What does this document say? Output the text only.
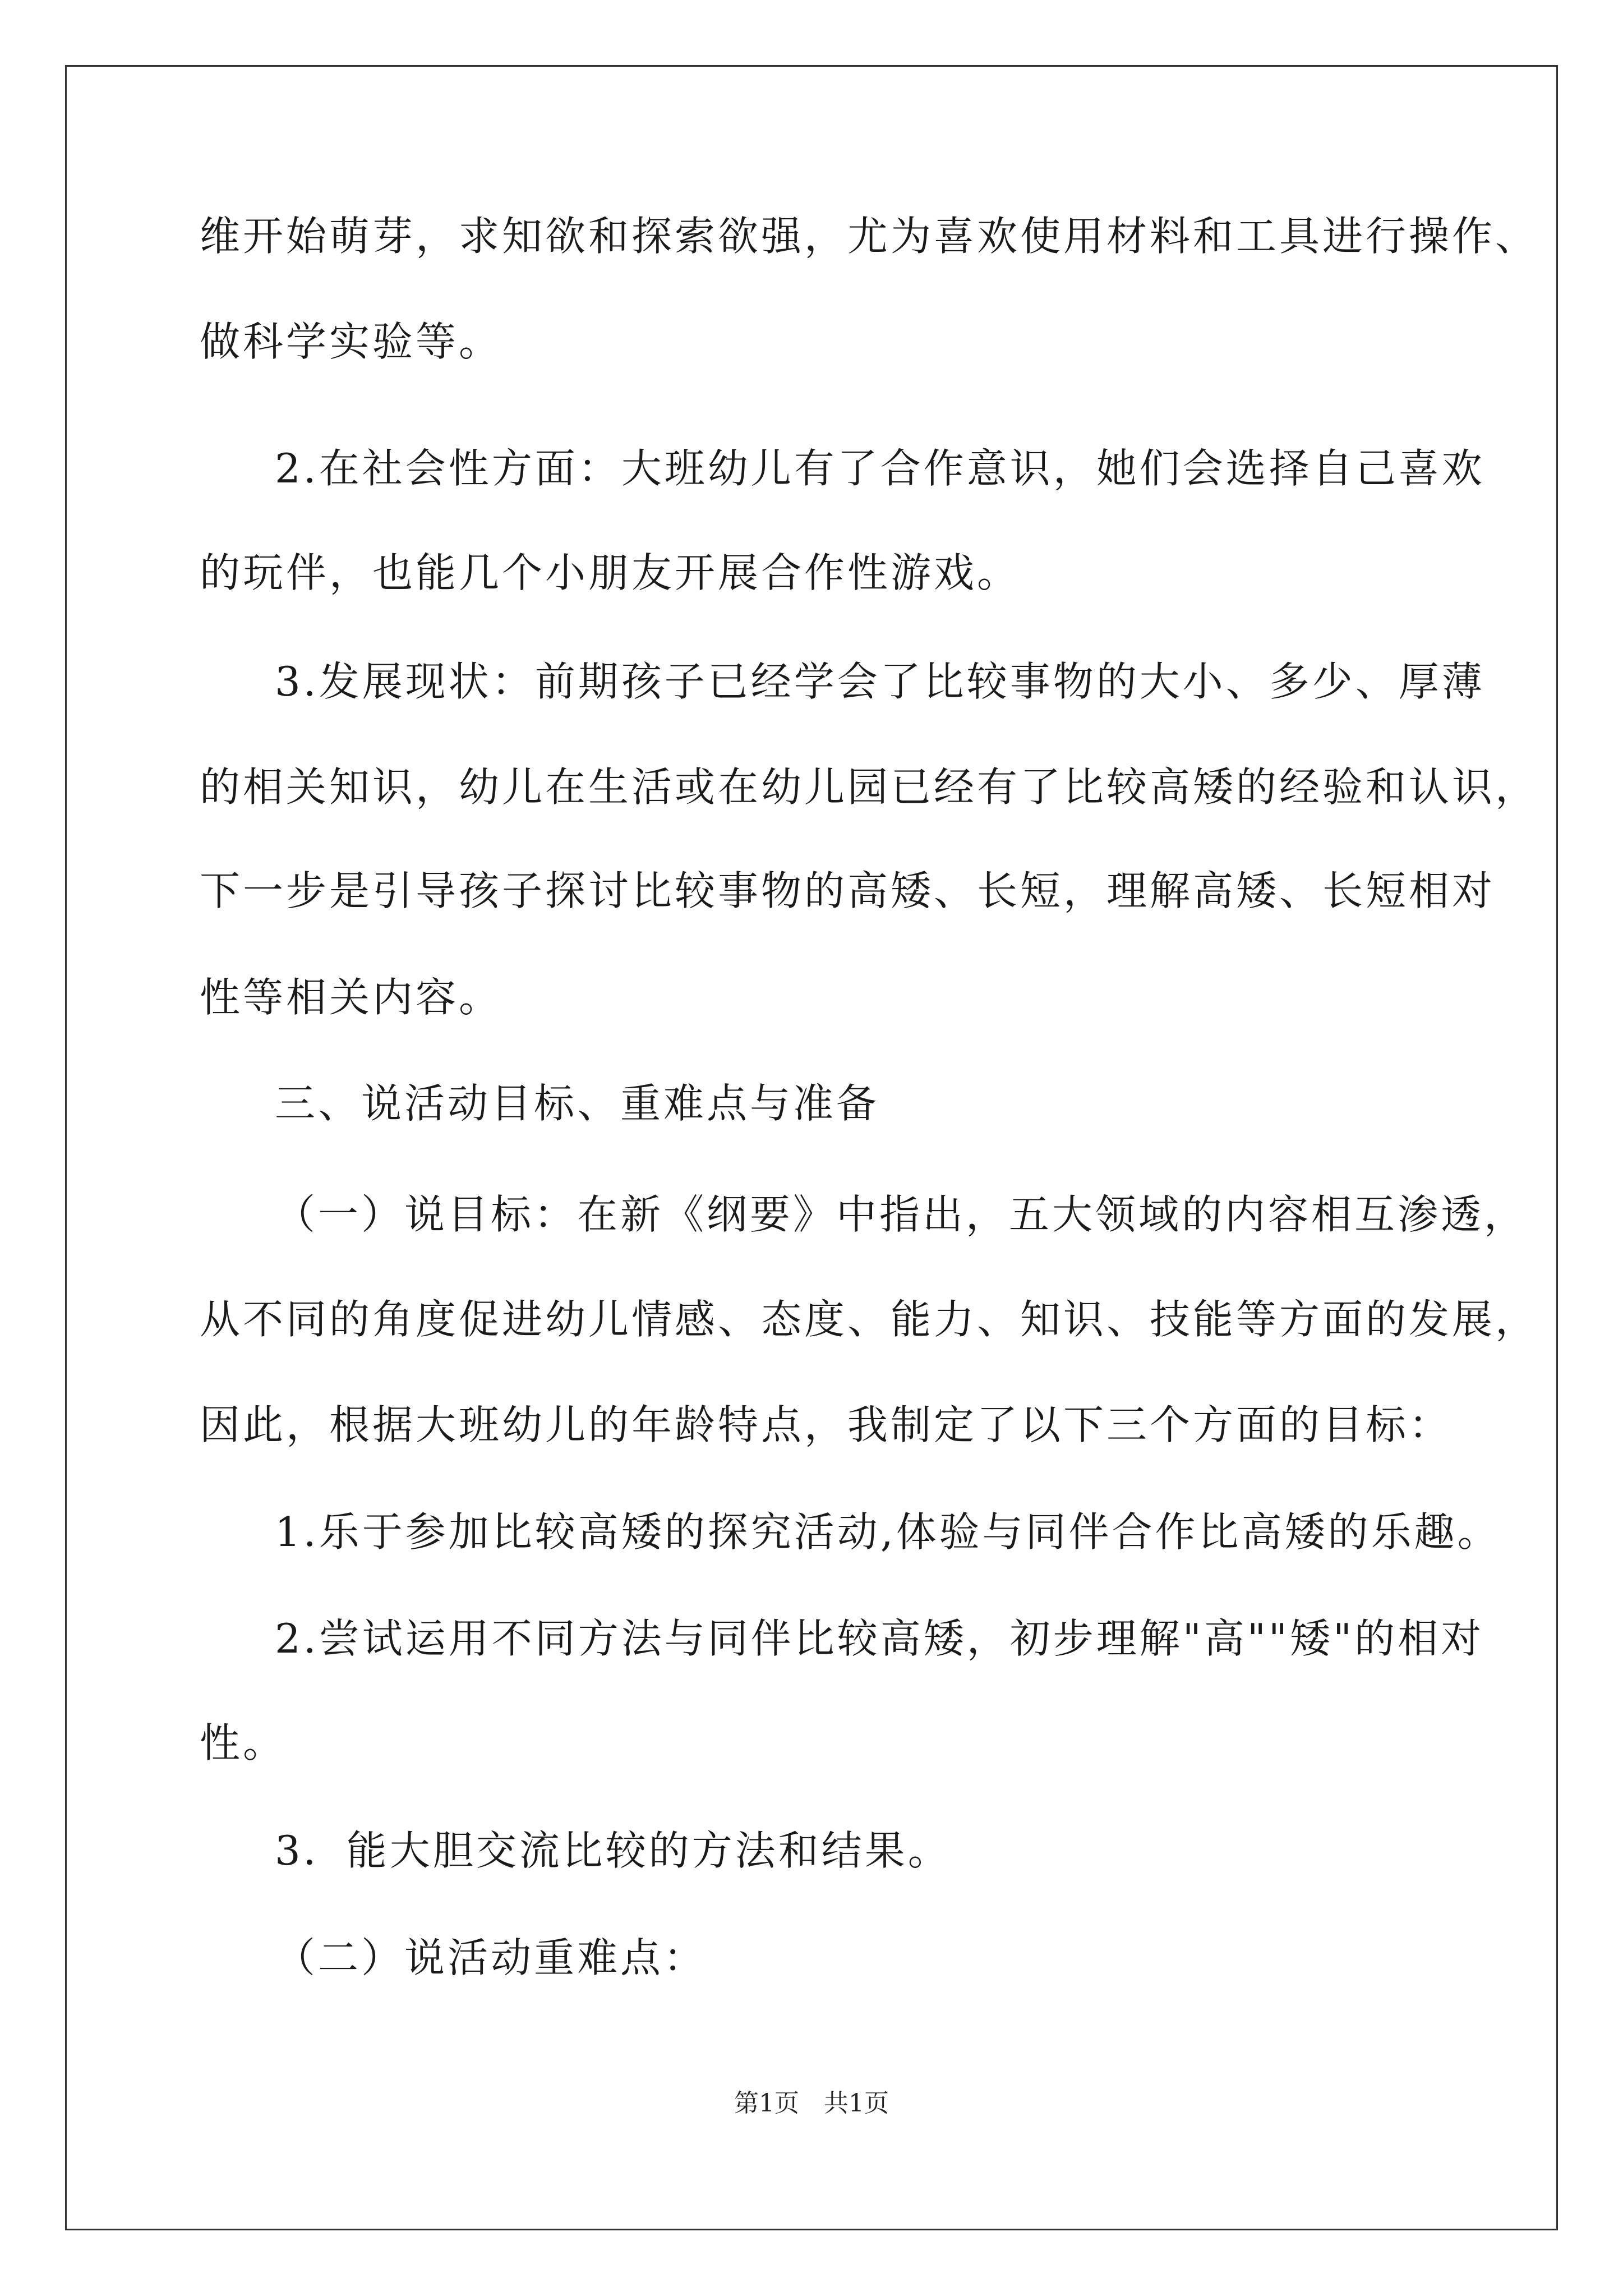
维开始萌芽，求知欲和探索欲强，尤为喜欢使用材料和工具进行操作、
做科学实验等。
2.在社会性方面：大班幼儿有了合作意识，她们会选择自己喜欢
的玩伴，也能几个小朋友开展合作性游戏。
3.发展现状：前期孩子已经学会了比较事物的大小、多少、厚薄
的相关知识，幼儿在生活或在幼儿园已经有了比较高矮的经验和认识，
下一步是引导孩子探讨比较事物的高矮、长短，理解高矮、长短相对
性等相关内容。
三、说活动目标、重难点与准备
（一）说目标：在新《纲要》中指出，五大领域的内容相互渗透，
从不同的角度促进幼儿情感、态度、能力、知识、技能等方面的发展，
因此，根据大班幼儿的年龄特点，我制定了以下三个方面的目标：
1.乐于参加比较高矮的探究活动,体验与同伴合作比高矮的乐趣。
2.尝试运用不同方法与同伴比较高矮，初步理解"高""矮"的相对
性。
3．能大胆交流比较的方法和结果。
（二）说活动重难点：
第1页　共1页
